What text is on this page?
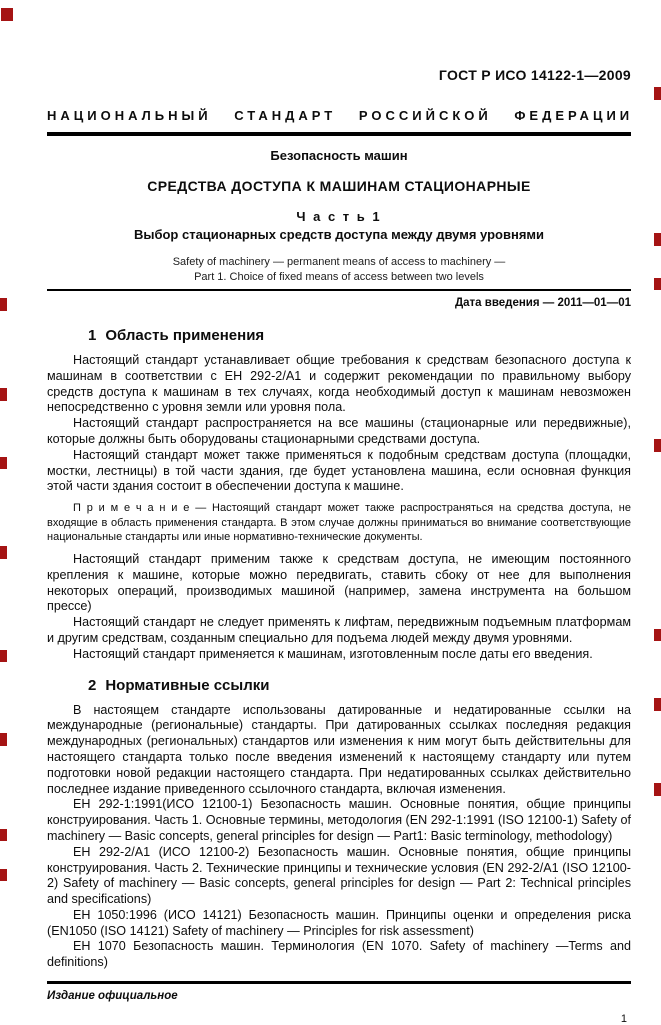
ГОСТ Р ИСО 14122-1—2009
НАЦИОНАЛЬНЫЙ СТАНДАРТ РОССИЙСКОЙ ФЕДЕРАЦИИ
Безопасность машин
СРЕДСТВА ДОСТУПА К МАШИНАМ СТАЦИОНАРНЫЕ
Ч а с т ь 1
Выбор стационарных средств доступа между двумя уровнями
Safety of machinery — permanent means of access to machinery —
Part 1. Choice of fixed means of access between two levels
Дата введения — 2011—01—01
1 Область применения

Настоящий стандарт устанавливает общие требования к средствам безопасного доступа к машинам в соответствии с ЕН 292-2/А1 и содержит рекомендации по правильному выбору средств доступа к машинам в тех случаях, когда необходимый доступ к машинам невозможен непосредственно с уровня земли или уровня пола.

Настоящий стандарт распространяется на все машины (стационарные или передвижные), которые должны быть оборудованы стационарными средствами доступа.

Настоящий стандарт может также применяться к подобным средствам доступа (площадки, мостки, лестницы) в той части здания, где будет установлена машина, если основная функция этой части здания состоит в обеспечении доступа к машине.

П р и м е ч а н и е — Настоящий стандарт может также распространяться на средства доступа, не входящие в область применения стандарта. В этом случае должны приниматься во внимание соответствующие национальные стандарты или иные нормативно-технические документы.

Настоящий стандарт применим также к средствам доступа, не имеющим постоянного крепления к машине, которые можно передвигать, ставить сбоку от нее для выполнения некоторых операций, производимых машиной (например, замена инструмента на большом прессе)

Настоящий стандарт не следует применять к лифтам, передвижным подъемным платформам и другим средствам, созданным специально для подъема людей между двумя уровнями.

Настоящий стандарт применяется к машинам, изготовленным после даты его введения.

2 Нормативные ссылки

В настоящем стандарте использованы датированные и недатированные ссылки на международные (региональные) стандарты. При датированных ссылках последняя редакция международных (региональных) стандартов или изменения к ним могут быть действительны для настоящего стандарта только после введения изменений к настоящему стандарту или путем подготовки новой редакции настоящего стандарта. При недатированных ссылках действительно последнее издание приведенного ссылочного стандарта, включая изменения.

ЕН 292-1:1991(ИСО 12100-1) Безопасность машин. Основные понятия, общие принципы конструирования. Часть 1. Основные термины, методология (EN 292-1:1991 (ISO 12100-1) Safety of machinery — Basic concepts, general principles for design — Part1: Basic terminology, methodology)

ЕН 292-2/А1 (ИСО 12100-2) Безопасность машин. Основные понятия, общие принципы конструирования. Часть 2. Технические принципы и технические условия (EN 292-2/A1 (ISO 12100-2) Safety of machinery — Basic concepts, general principles for design — Part 2: Technical principles and specifications)

ЕН 1050:1996 (ИСО 14121) Безопасность машин. Принципы оценки и определения риска (EN1050 (ISO 14121) Safety of machinery — Principles for risk assessment)

ЕН 1070 Безопасность машин. Терминология (EN 1070. Safety of machinery —Terms and definitions)

Издание официальное
1
